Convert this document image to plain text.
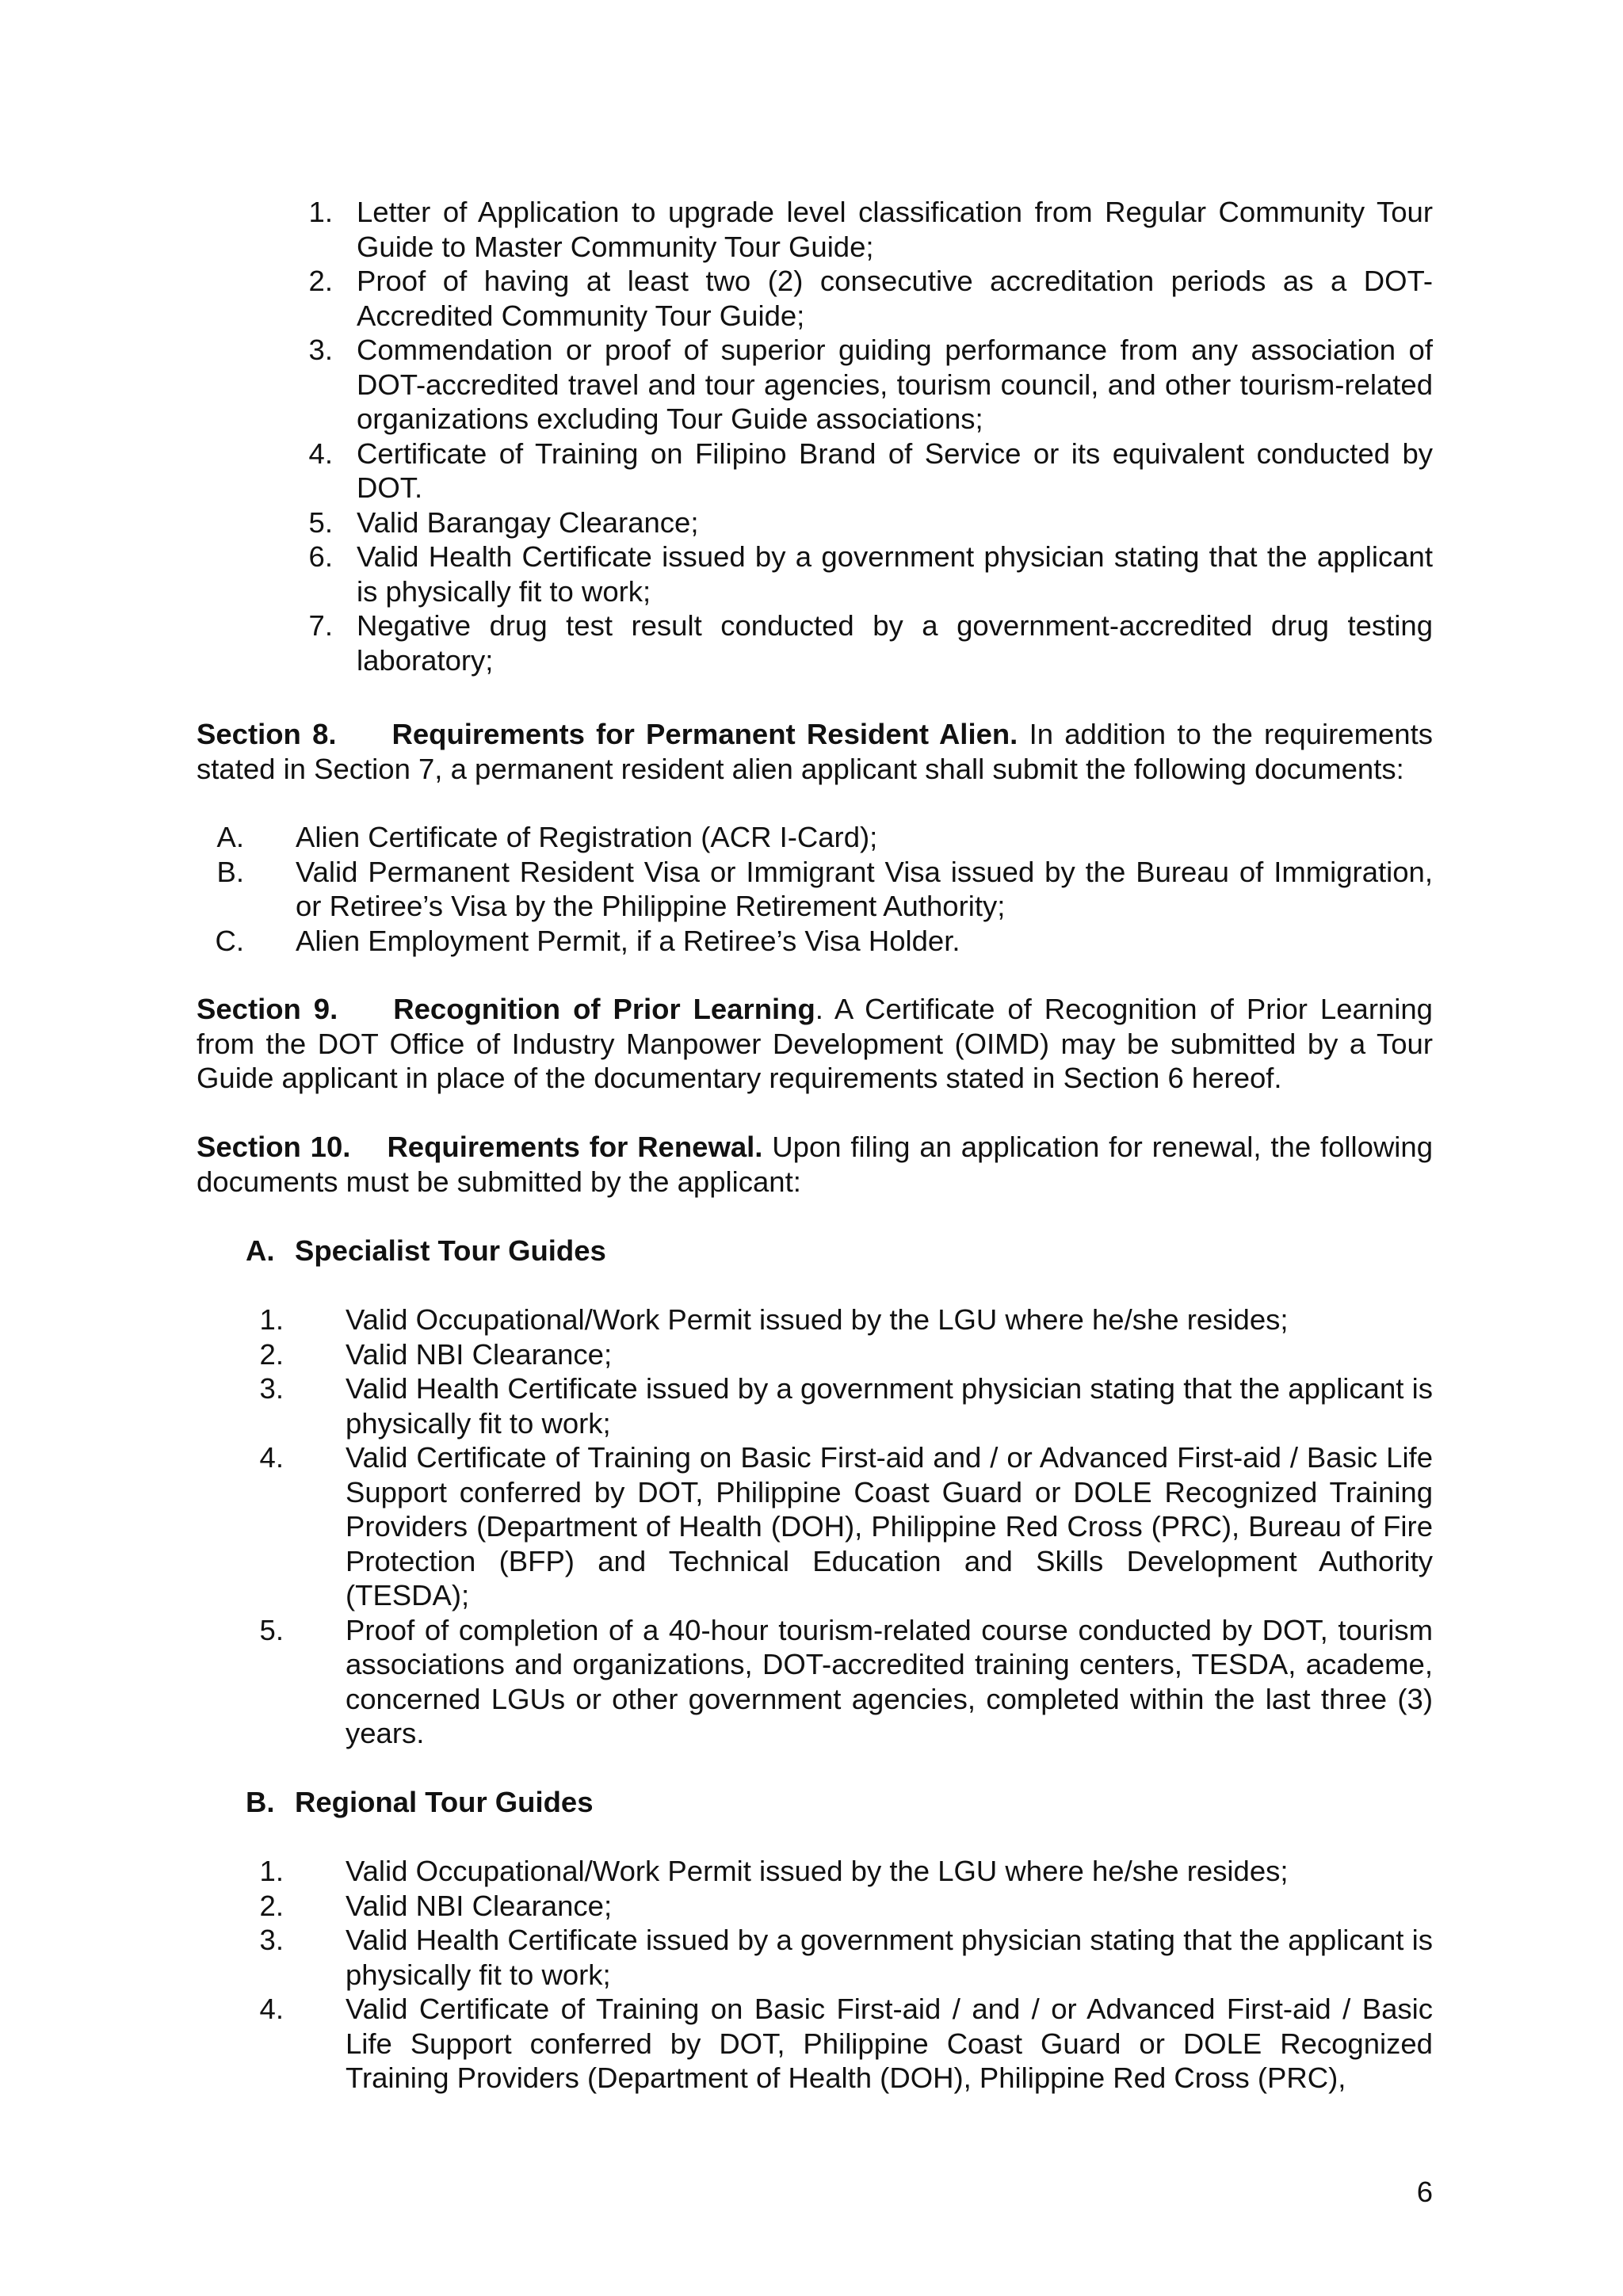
1. Letter of Application to upgrade level classification from Regular Community Tour Guide to Master Community Tour Guide;
2. Proof of having at least two (2) consecutive accreditation periods as a DOT-Accredited Community Tour Guide;
3. Commendation or proof of superior guiding performance from any association of DOT-accredited travel and tour agencies, tourism council, and other tourism-related organizations excluding Tour Guide associations;
4. Certificate of Training on Filipino Brand of Service or its equivalent conducted by DOT.
5. Valid Barangay Clearance;
6. Valid Health Certificate issued by a government physician stating that the applicant is physically fit to work;
7. Negative drug test result conducted by a government-accredited drug testing laboratory;

Section 8. Requirements for Permanent Resident Alien. In addition to the requirements stated in Section 7, a permanent resident alien applicant shall submit the following documents:

A. Alien Certificate of Registration (ACR I-Card);
B. Valid Permanent Resident Visa or Immigrant Visa issued by the Bureau of Immigration, or Retiree’s Visa by the Philippine Retirement Authority;
C. Alien Employment Permit, if a Retiree’s Visa Holder.

Section 9. Recognition of Prior Learning. A Certificate of Recognition of Prior Learning from the DOT Office of Industry Manpower Development (OIMD) may be submitted by a Tour Guide applicant in place of the documentary requirements stated in Section 6 hereof.

Section 10. Requirements for Renewal. Upon filing an application for renewal, the following documents must be submitted by the applicant:

A. Specialist Tour Guides
1. Valid Occupational/Work Permit issued by the LGU where he/she resides;
2. Valid NBI Clearance;
3. Valid Health Certificate issued by a government physician stating that the applicant is physically fit to work;
4. Valid Certificate of Training on Basic First-aid and / or Advanced First-aid / Basic Life Support conferred by DOT, Philippine Coast Guard or DOLE Recognized Training Providers (Department of Health (DOH), Philippine Red Cross (PRC), Bureau of Fire Protection (BFP) and Technical Education and Skills Development Authority (TESDA);
5. Proof of completion of a 40-hour tourism-related course conducted by DOT, tourism associations and organizations, DOT-accredited training centers, TESDA, academe, concerned LGUs or other government agencies, completed within the last three (3) years.
B. Regional Tour Guides
1. Valid Occupational/Work Permit issued by the LGU where he/she resides;
2. Valid NBI Clearance;
3. Valid Health Certificate issued by a government physician stating that the applicant is physically fit to work;
4. Valid Certificate of Training on Basic First-aid / and / or Advanced First-aid / Basic Life Support conferred by DOT, Philippine Coast Guard or DOLE Recognized Training Providers (Department of Health (DOH), Philippine Red Cross (PRC),
6
